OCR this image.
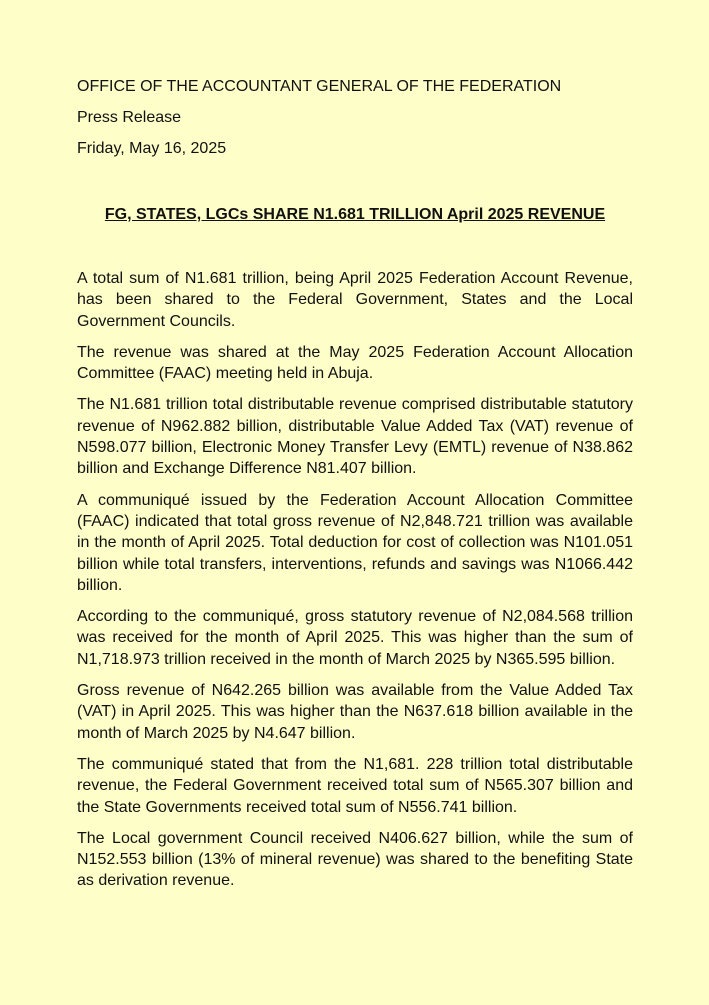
OFFICE OF THE ACCOUNTANT GENERAL OF THE FEDERATION

Press Release

Friday, May 16, 2025

FG, STATES, LGCs SHARE N1.681 TRILLION April 2025 REVENUE

A total sum of N1.681 trillion, being April 2025 Federation Account Revenue, has been shared to the Federal Government, States and the Local Government Councils.

The revenue was shared at the May 2025 Federation Account Allocation Committee (FAAC) meeting held in Abuja.

The N1.681 trillion total distributable revenue comprised distributable statutory revenue of N962.882 billion, distributable Value Added Tax (VAT) revenue of N598.077 billion, Electronic Money Transfer Levy (EMTL) revenue of N38.862 billion and Exchange Difference N81.407 billion.

A communiqué issued by the Federation Account Allocation Committee (FAAC) indicated that total gross revenue of N2,848.721 trillion was available in the month of April 2025. Total deduction for cost of collection was N101.051 billion while total transfers, interventions, refunds and savings was N1066.442 billion.

According to the communiqué, gross statutory revenue of N2,084.568 trillion was received for the month of April 2025. This was higher than the sum of N1,718.973 trillion received in the month of March 2025 by N365.595 billion.

Gross revenue of N642.265 billion was available from the Value Added Tax (VAT) in April 2025. This was higher than the N637.618 billion available in the month of March 2025 by N4.647 billion.

The communiqué stated that from the N1,681. 228 trillion total distributable revenue, the Federal Government received total sum of N565.307 billion and the State Governments received total sum of N556.741 billion.

The Local government Council received N406.627 billion, while the sum of N152.553 billion (13% of mineral revenue) was shared to the benefiting State as derivation revenue.
